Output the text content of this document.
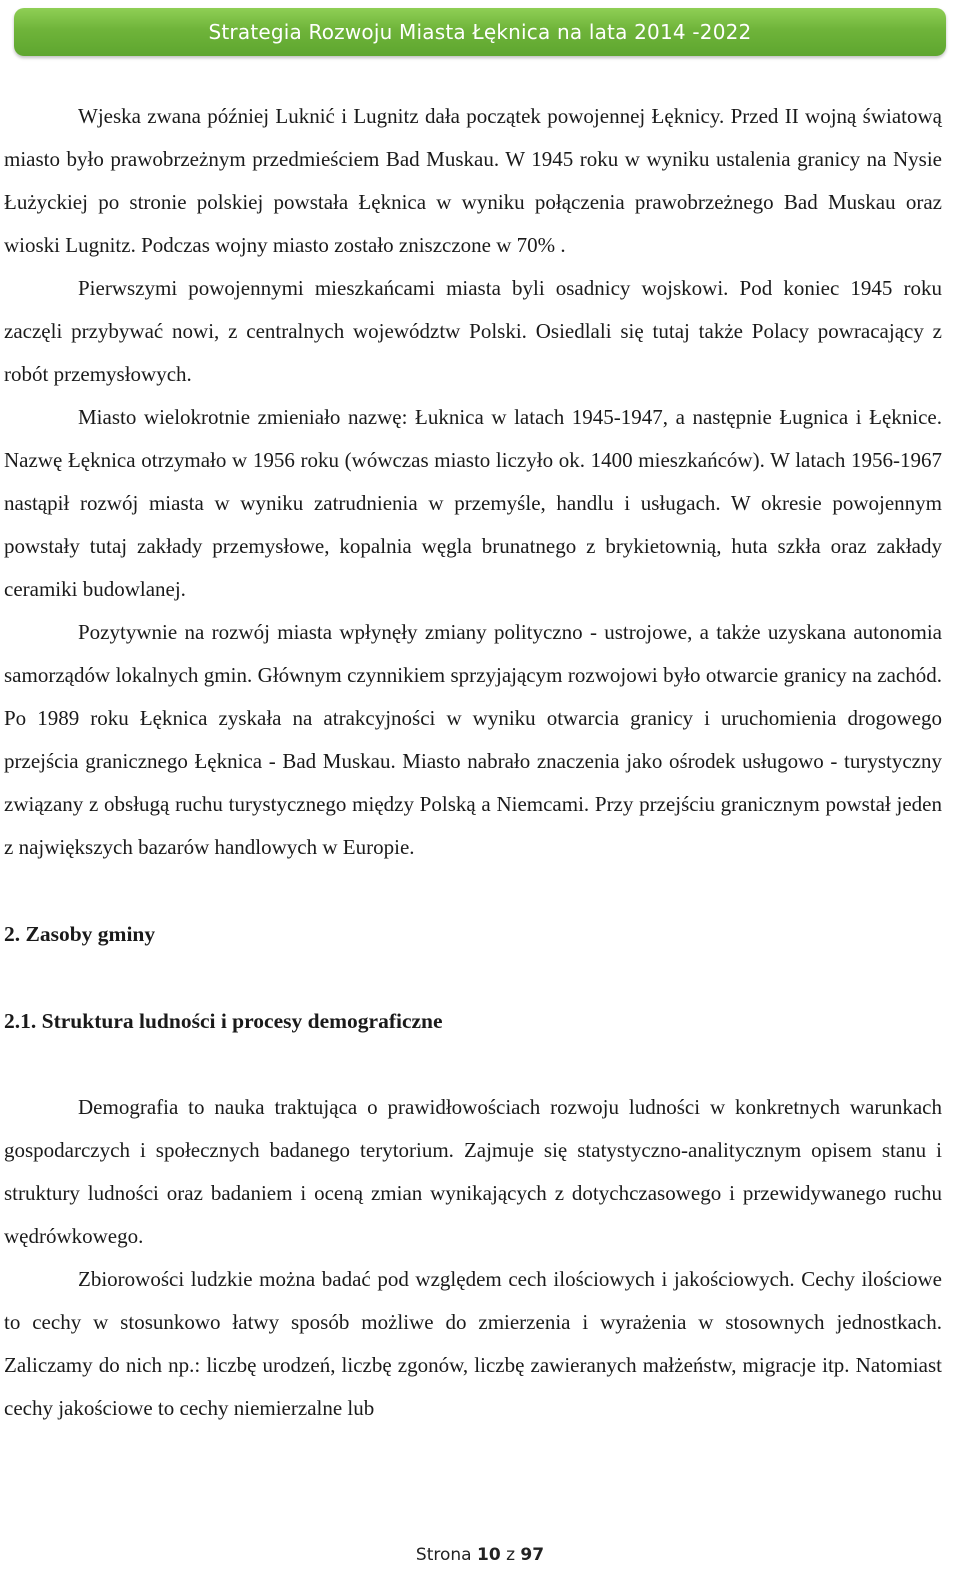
Strategia Rozwoju Miasta Łęknica na lata 2014 -2022

Wjeska zwana później Luknić i Lugnitz dała początek powojennej Łęknicy. Przed II wojną światową miasto było prawobrzeżnym przedmieściem Bad Muskau. W 1945 roku w wyniku ustalenia granicy na Nysie Łużyckiej po stronie polskiej powstała Łęknica w wyniku połączenia prawobrzeżnego Bad Muskau oraz wioski Lugnitz. Podczas wojny miasto zostało zniszczone w 70% .

Pierwszymi powojennymi mieszkańcami miasta byli osadnicy wojskowi. Pod koniec 1945 roku zaczęli przybywać nowi, z centralnych województw Polski. Osiedlali się tutaj także Polacy powracający z robót przemysłowych.

Miasto wielokrotnie zmieniało nazwę: Łuknica w latach 1945-1947, a następnie Ługnica i Łęknice. Nazwę Łęknica otrzymało w 1956 roku (wówczas miasto liczyło ok. 1400 mieszkańców). W latach 1956-1967 nastąpił rozwój miasta w wyniku zatrudnienia w przemyśle, handlu i usługach. W okresie powojennym powstały tutaj zakłady przemysłowe, kopalnia węgla brunatnego z brykietownią, huta szkła oraz zakłady ceramiki budowlanej.

Pozytywnie na rozwój miasta wpłynęły zmiany polityczno - ustrojowe, a także uzyskana autonomia samorządów lokalnych gmin. Głównym czynnikiem sprzyjającym rozwojowi było otwarcie granicy na zachód. Po 1989 roku Łęknica zyskała na atrakcyjności w wyniku otwarcia granicy i uruchomienia drogowego przejścia granicznego Łęknica - Bad Muskau. Miasto nabrało znaczenia jako ośrodek usługowo - turystyczny związany z obsługą ruchu turystycznego między Polską a Niemcami. Przy przejściu granicznym powstał jeden z największych bazarów handlowych w Europie.

2. Zasoby gminy
2.1. Struktura ludności i procesy demograficzne

Demografia to nauka traktująca o prawidłowościach rozwoju ludności w konkretnych warunkach gospodarczych i społecznych badanego terytorium. Zajmuje się statystyczno-analitycznym opisem stanu i struktury ludności oraz badaniem i oceną zmian wynikających z dotychczasowego i przewidywanego ruchu wędrówkowego.

Zbiorowości ludzkie można badać pod względem cech ilościowych i jakościowych. Cechy ilościowe to cechy w stosunkowo łatwy sposób możliwe do zmierzenia i wyrażenia w stosownych jednostkach. Zaliczamy do nich np.: liczbę urodzeń, liczbę zgonów, liczbę zawieranych małżeństw, migracje itp. Natomiast cechy jakościowe to cechy niemierzalne lub

Strona 10 z 97
